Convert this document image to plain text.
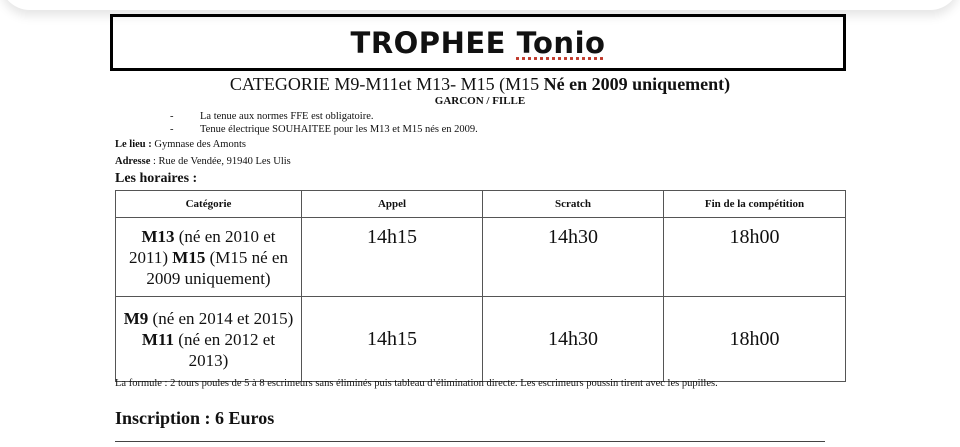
TROPHEE Tonio
CATEGORIE M9-M11et M13- M15 (M15 Né en 2009 uniquement)
GARCON / FILLE
-	La tenue aux normes FFE est obligatoire.
-	Tenue électrique SOUHAITEE pour les M13 et M15 nés en 2009.
Le lieu : Gymnase des Amonts
Adresse : Rue de Vendée, 91940 Les Ulis
Les horaires :
Catégorie	Appel	Scratch	Fin de la compétition
M13 (né en 2010 et 2011) M15 (M15 né en 2009 uniquement)	14h15	14h30	18h00
M9 (né en 2014 et 2015) M11 (né en 2012 et 2013)	14h15	14h30	18h00
La formule : 2 tours poules de 5 à 8 escrimeurs sans éliminés puis tableau d’élimination directe. Les escrimeurs poussin tirent avec les pupilles.
Inscription : 6 Euros
